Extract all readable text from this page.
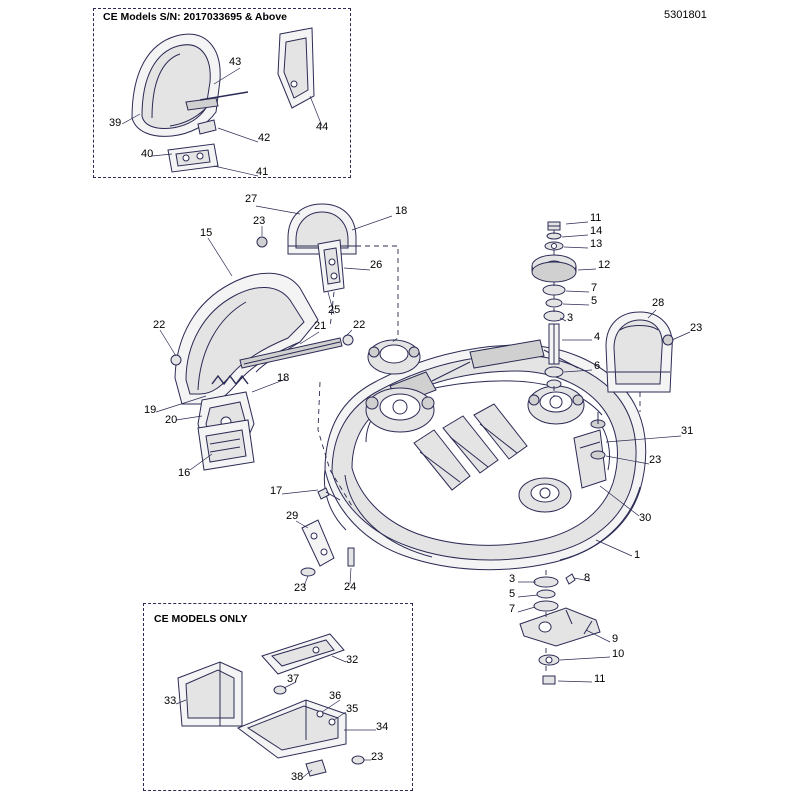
CE Models S/N: 2017033695 & Above
CE MODELS ONLY
5301801
1
3
3
4
5
5
6
7
7
8
9
10
11
11
12
13
14
15
16
17
18
18
19
20
21
22	22
23
23
23
23	24
25
26
27
28
29	30
31
32
33
34
35
36
37
38
23
39
40
41
42
43
44
